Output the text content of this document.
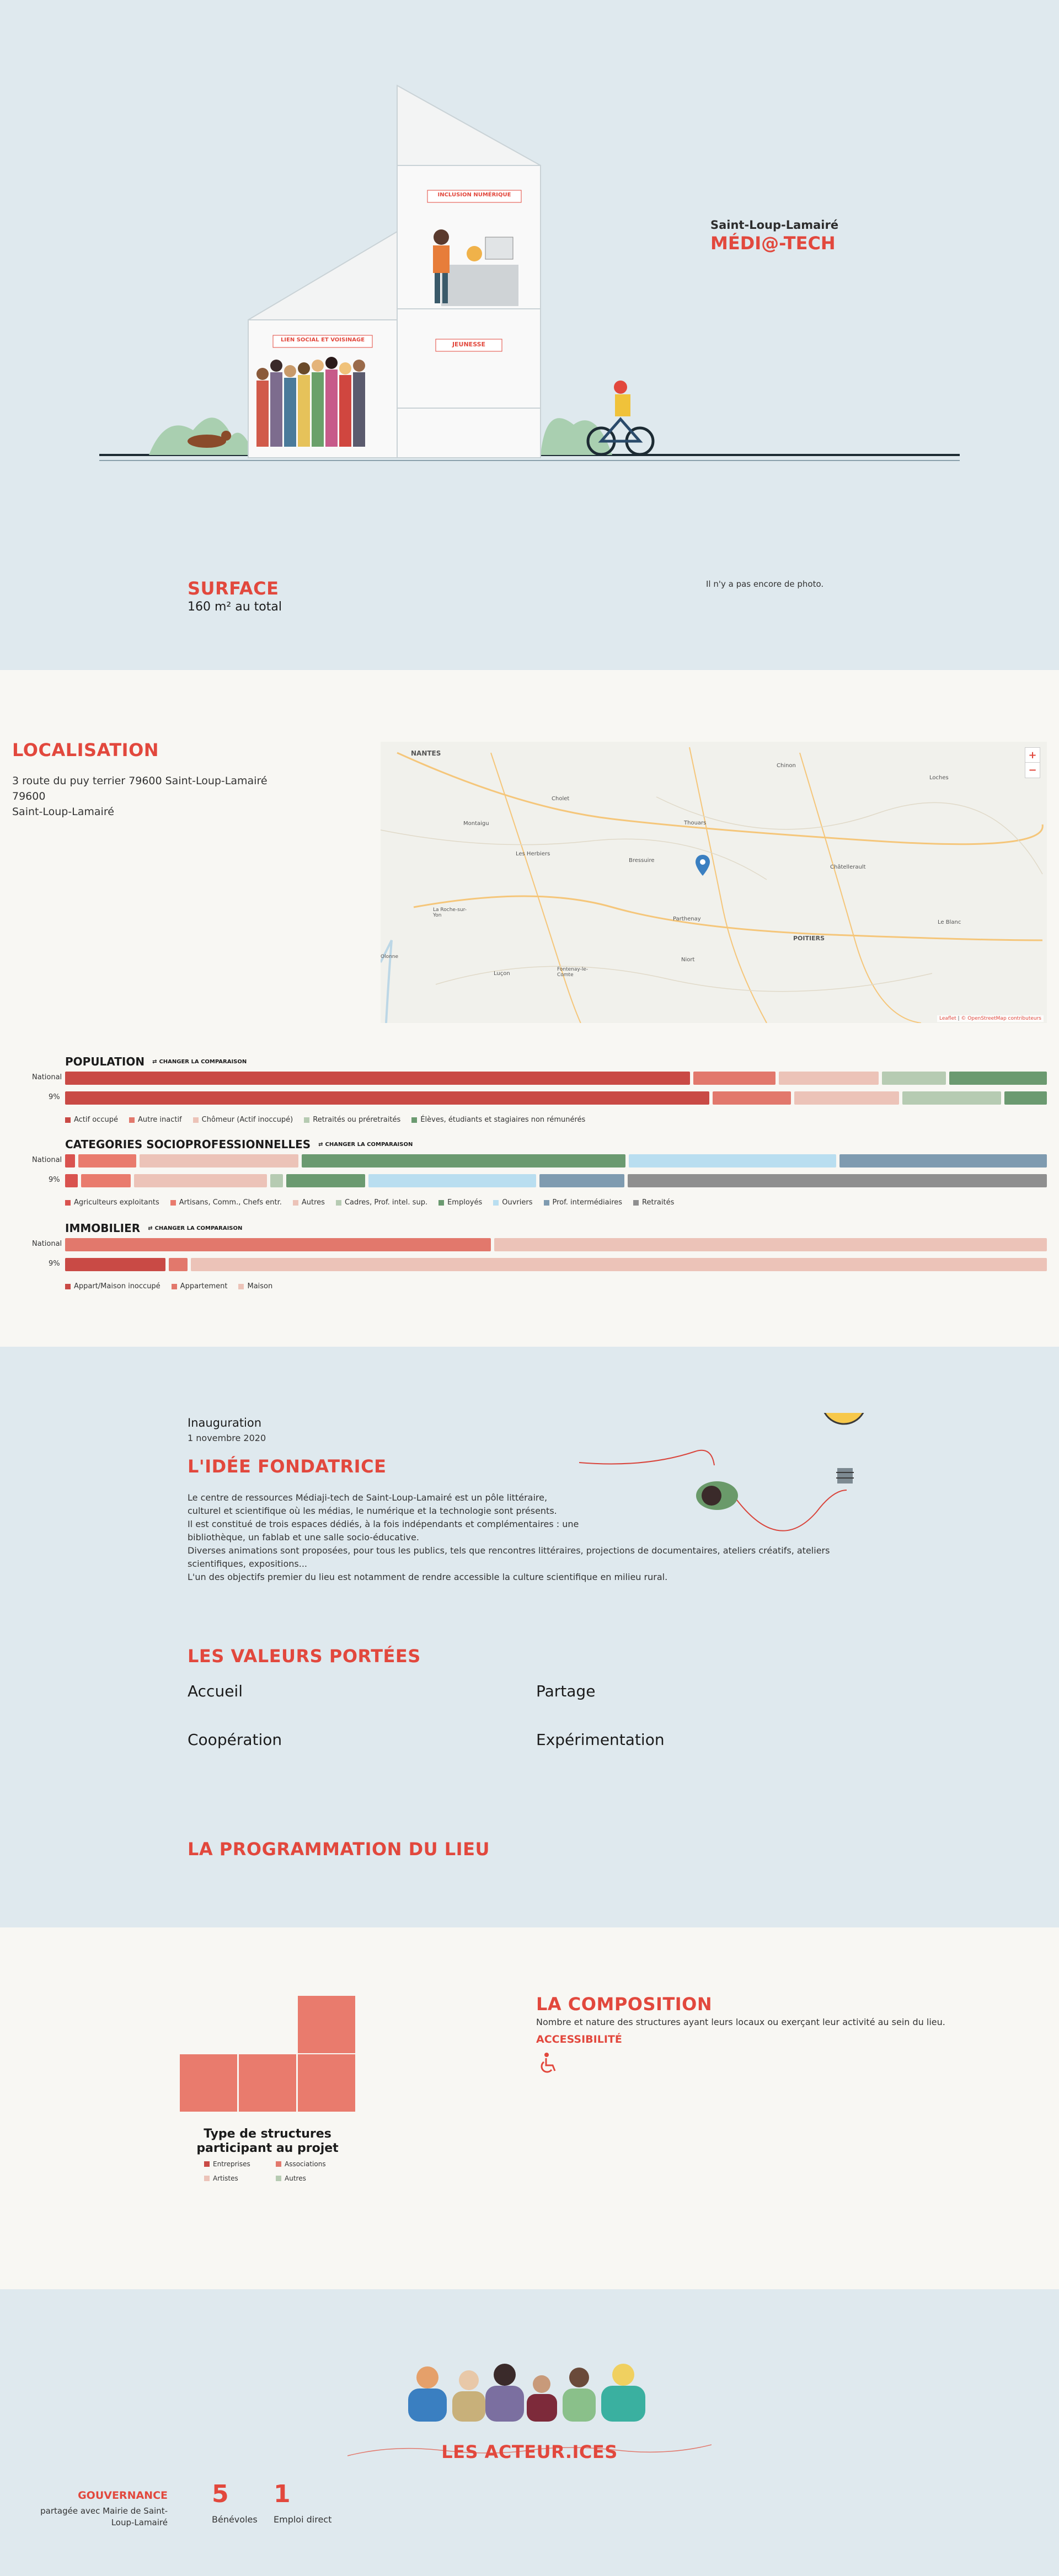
INCLUSION NUMÉRIQUE
LIEN SOCIAL ET VOISINAGE
JEUNESSE
Saint-Loup-Lamairé
MÉDI@-TECH
SURFACE
160 m² au total
Il n'y a pas encore de photo.
LOCALISATION
3 route du puy terrier 79600 Saint-Loup-Lamairé
79600
Saint-Loup-Lamairé
NANTES
Cholet
Niort
POITIERS
Chinon
Loches
Parthenay
Bressuire
Thouars
Montaigu
Les Herbiers
La Roche-sur-Yon
Luçon
Fontenay-le-Comte
Châtellerault
Le Blanc
Olonne
+
−
Leaflet | © OpenStreetMap contributeurs
POPULATION ⇄ CHANGER LA COMPARAISON
National
9%
Actif occupé	Autre inactif	Chômeur (Actif inoccupé)	Retraités ou préretraités	Élèves, étudiants et stagiaires non rémunérés
CATEGORIES SOCIOPROFESSIONNELLES ⇄ CHANGER LA COMPARAISON
National
9%
Agriculteurs exploitants	Artisans, Comm., Chefs entr.	Autres	Cadres, Prof. intel. sup.	Employés	Ouvriers	Prof. intermédiaires	Retraités
IMMOBILIER ⇄ CHANGER LA COMPARAISON
National
9%
Appart/Maison inoccupé	Appartement	Maison
Inauguration
1 novembre 2020
L'IDÉE FONDATRICE
Le centre de ressources Médiaji-tech de Saint-Loup-Lamairé est un pôle littéraire,
culturel et scientifique où les médias, le numérique et la technologie sont présents.
Il est constitué de trois espaces dédiés, à la fois indépendants et complémentaires : une
bibliothèque, un fablab et une salle socio-éducative.
Diverses animations sont proposées, pour tous les publics, tels que rencontres littéraires, projections de documentaires, ateliers créatifs, ateliers
scientifiques, expositions...
L'un des objectifs premier du lieu est notamment de rendre accessible la culture scientifique en milieu rural.
LES VALEURS PORTÉES
Accueil	Partage
Coopération	Expérimentation
LA PROGRAMMATION DU LIEU
Type de structures
participant au projet
Entreprises	Associations
Artistes	Autres
LA COMPOSITION
Nombre et nature des structures ayant leurs locaux ou exerçant leur activité au sein du lieu.
ACCESSIBILITÉ
LES ACTEUR.ICES
GOUVERNANCE
partagée avec Mairie de Saint-
Loup-Lamairé
5
Bénévoles
1
Emploi direct
